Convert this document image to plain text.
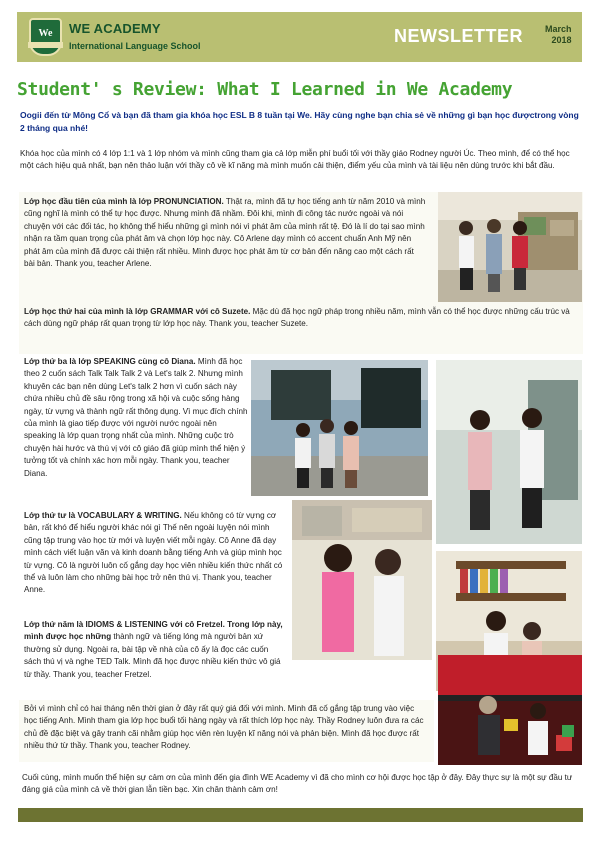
We	WE ACADEMY
International Language School	NEWSLETTER March
2018
Student' s Review: What I Learned in We Academy
Oogii đến từ Mông Cổ và bạn đã tham gia khóa học ESL B 8 tuần tại We. Hãy cùng nghe bạn chia sẻ về những gì bạn học đượctrong vòng 2 tháng qua nhé!
Khóa học của mình có 4 lớp 1:1 và 1 lớp nhóm và mình cũng tham gia cả lớp miễn phí buổi tối với thầy giáo Rodney người Úc. Theo mình, để có thể học một cách hiệu quả nhất, bạn nên thảo luận với thầy cô về kĩ năng mà mình muốn cải thiện, điểm yếu của mình và tài liệu nên dùng trước khi bắt đầu.
Lớp học đầu tiên của mình là lớp PRONUNCIATION. Thật ra, mình đã tự học tiếng anh từ năm 2010 và mình cũng nghĩ là mình có thể tự học được. Nhưng mình đã nhầm. Đôi khi, mình đi công tác nước ngoài và nói chuyện với các đối tác, họ không thể hiểu những gì mình nói vì phát âm của mình rất tệ. Đó là lí do tại sao mình nhận ra tầm quan trọng của phát âm và chọn lớp học này. Cô Arlene dạy mình có accent chuẩn Anh Mỹ nên phát âm của mình đã được cải thiện rất nhiều. Mình được học phát âm từ cơ bản đến nâng cao một cách rất bài bản. Thank you, teacher Arlene.
Lớp học thứ hai của mình là lớp GRAMMAR với cô Suzete. Mặc dù đã học ngữ pháp trong nhiều năm, mình vẫn có thể học được những cấu trúc và cách dùng ngữ pháp rất quan trọng từ lớp học này. Thank you, teacher Suzete.
Lớp thứ ba là lớp SPEAKING cùng cô Diana. Mình đã học theo 2 cuốn sách Talk Talk Talk 2 và Let's talk 2. Nhưng mình khuyên các bạn nên dùng Let's talk 2 hơn vì cuốn sách này chứa nhiều chủ đề sâu rộng trong xã hội và cuộc sống hàng ngày, từ vựng và thành ngữ rất thông dụng. Vì mục đích chính của mình là giao tiếp được với người nước ngoài nên speaking là lớp quan trọng nhất của mình. Những cuộc trò chuyện hài hước và thú vị với cô giáo đã giúp mình thể hiện ý tưởng tốt và chính xác hơn mỗi ngày. Thank you, teacher Diana.
Lớp thứ tư là VOCABULARY & WRITING. Nếu không có từ vựng cơ bản, rất khó để hiểu người khác nói gì Thế nên ngoài luyện nói mình cũng tập trung vào học từ mới và luyện viết mỗi ngày. Cô Anne đã dạy mình cách viết luận văn và kinh doanh bằng tiếng Anh và giúp mình học từ vựng. Cô là người luôn cố gắng dạy học viên nhiều kiến thức nhất có thể và luôn làm cho những bài học trở nên thú vị. Thank you, teacher Anne.
Lớp thứ năm là IDIOMS & LISTENING với cô Fretzel. Trong lớp này, mình được học những thành ngữ và tiếng lóng mà người bản xứ thường sử dụng. Ngoài ra, bài tập về nhà của cô ấy là đọc các cuốn sách thú vị và nghe TED Talk. Mình đã học được nhiều kiến thức vô giá từ thầy. Thank you, teacher Fretzel.
Bởi vì mình chỉ có hai tháng nên thời gian ở đây rất quý giá đối với mình. Mình đã cố gắng tập trung vào việc học tiếng Anh. Mình tham gia lớp học buổi tối hàng ngày và rất thích lớp học này. Thầy Rodney luôn đưa ra các chủ đề đặc biệt và gây tranh cãi nhằm giúp học viên rèn luyện kĩ năng nói và phản biện. Mình đã học được rất nhiều thứ từ thầy. Thank you, teacher Rodney.
Cuối cùng, mình muốn thể hiện sự cảm ơn của mình đến gia đình WE Academy vì đã cho mình cơ hội được học tập ở đây. Đây thực sự là một sự đầu tư đáng giá của mình cả về thời gian lẫn tiền bạc. Xin chân thành cảm ơn!
